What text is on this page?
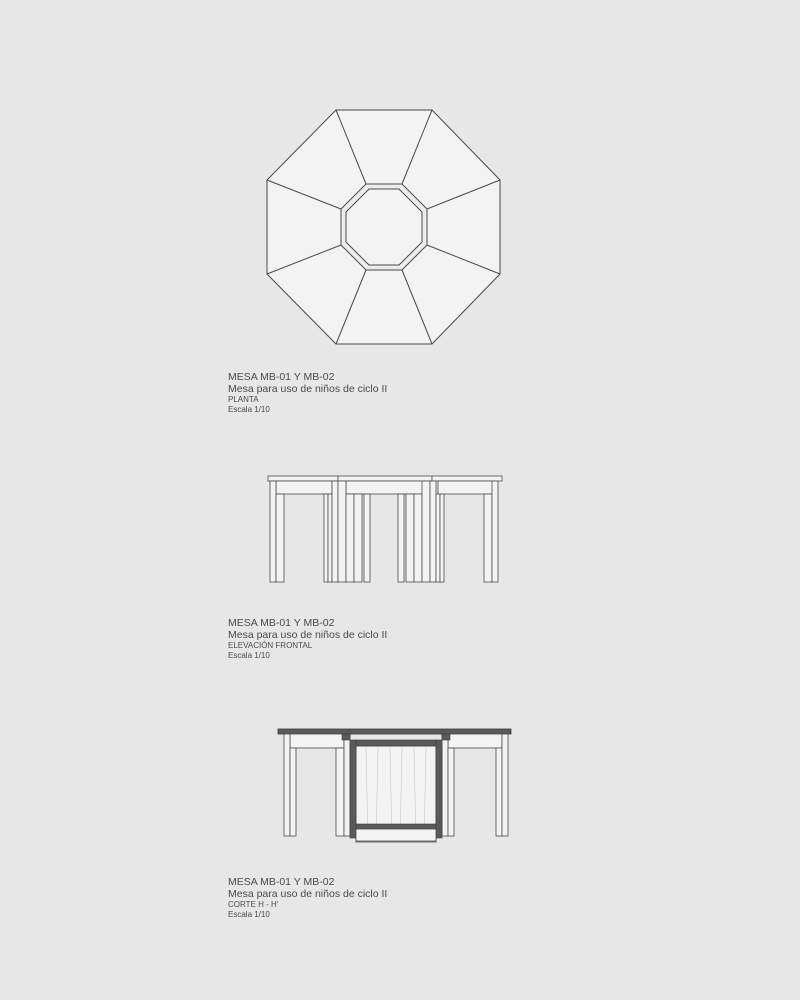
MESA MB-01 Y MB-02
Mesa para uso de niños de ciclo II
PLANTA
Escala 1/10
MESA MB-01 Y MB-02
Mesa para uso de niños de ciclo II
ELEVACIÓN FRONTAL
Escala 1/10
MESA MB-01 Y MB-02
Mesa para uso de niños de ciclo II
CORTE H - H'
Escala 1/10
